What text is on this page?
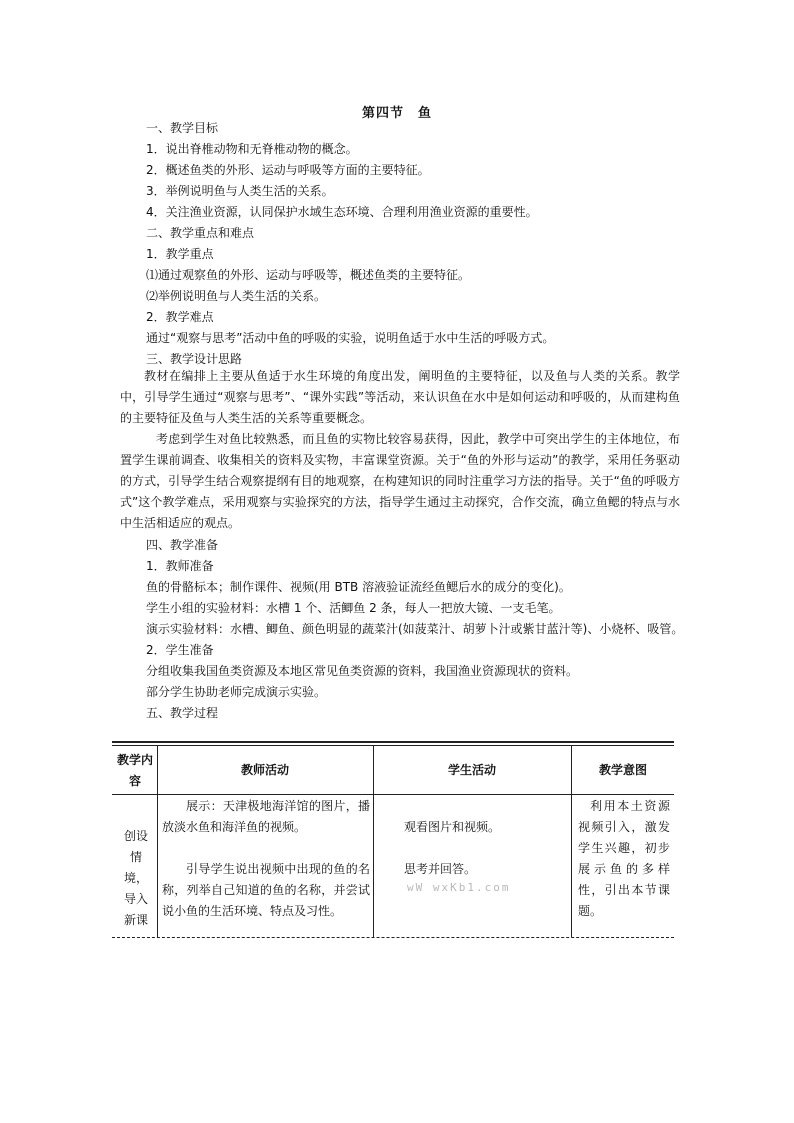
第四节　鱼
一、教学目标
1．说出脊椎动物和无脊椎动物的概念。
2．概述鱼类的外形、运动与呼吸等方面的主要特征。
3．举例说明鱼与人类生活的关系。
4．关注渔业资源，认同保护水域生态环境、合理利用渔业资源的重要性。
二、教学重点和难点
1．教学重点
⑴通过观察鱼的外形、运动与呼吸等，概述鱼类的主要特征。
⑵举例说明鱼与人类生活的关系。
2．教学难点
通过“观察与思考”活动中鱼的呼吸的实验，说明鱼适于水中生活的呼吸方式。
三、教学设计思路
教材在编排上主要从鱼适于水生环境的角度出发，阐明鱼的主要特征，以及鱼与人类的关系。教学中，引导学生通过“观察与思考”、“课外实践”等活动，来认识鱼在水中是如何运动和呼吸的，从而建构鱼的主要特征及鱼与人类生活的关系等重要概念。
考虑到学生对鱼比较熟悉，而且鱼的实物比较容易获得，因此，教学中可突出学生的主体地位，布置学生课前调查、收集相关的资料及实物，丰富课堂资源。关于“鱼的外形与运动”的教学，采用任务驱动的方式，引导学生结合观察提纲有目的地观察，在构建知识的同时注重学习方法的指导。关于“鱼的呼吸方式”这个教学难点，采用观察与实验探究的方法，指导学生通过主动探究，合作交流，确立鱼鳃的特点与水中生活相适应的观点。
四、教学准备
1．教师准备
鱼的骨骼标本；制作课件、视频(用 BTB 溶液验证流经鱼鳃后水的成分的变化)。
学生小组的实验材料：水槽 1 个、活鲫鱼 2 条，每人一把放大镜、一支毛笔。
演示实验材料：水槽、鲫鱼、颜色明显的蔬菜汁(如菠菜汁、胡萝卜汁或紫甘蓝汁等)、小烧杯、吸管。
2．学生准备
分组收集我国鱼类资源及本地区常见鱼类资源的资料，我国渔业资源现状的资料。
部分学生协助老师完成演示实验。
五、教学过程
教学内容
教师活动	学生活动	教学意图
创设情境，导入新课
展示：天津极地海洋馆的图片，播放淡水鱼和海洋鱼的视频。
引导学生说出视频中出现的鱼的名称，列举自己知道的鱼的名称，并尝试说小鱼的生活环境、特点及习性。
观看图片和视频。
思考并回答。
利用本土资源视频引入，激发学生兴趣，初步展示鱼的多样性，引出本节课题。
wW wxKb1.com
